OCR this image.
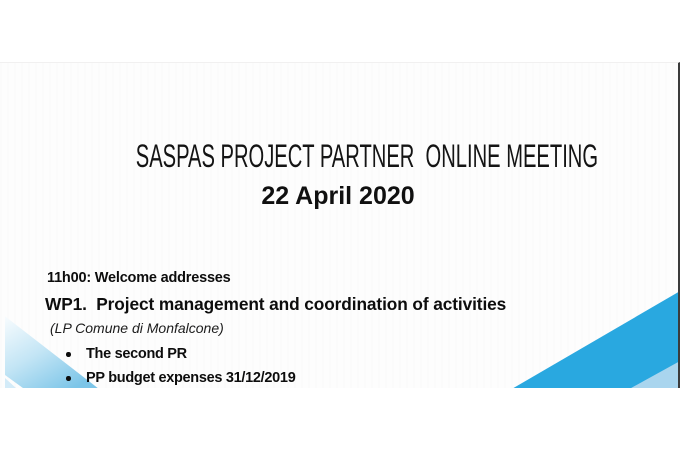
SASPAS PROJECT PARTNER  ONLINE MEETING
22 April 2020
11h00: Welcome addresses
WP1.  Project management and coordination of activities
(LP Comune di Monfalcone)
The second PR
PP budget expenses 31/12/2019
